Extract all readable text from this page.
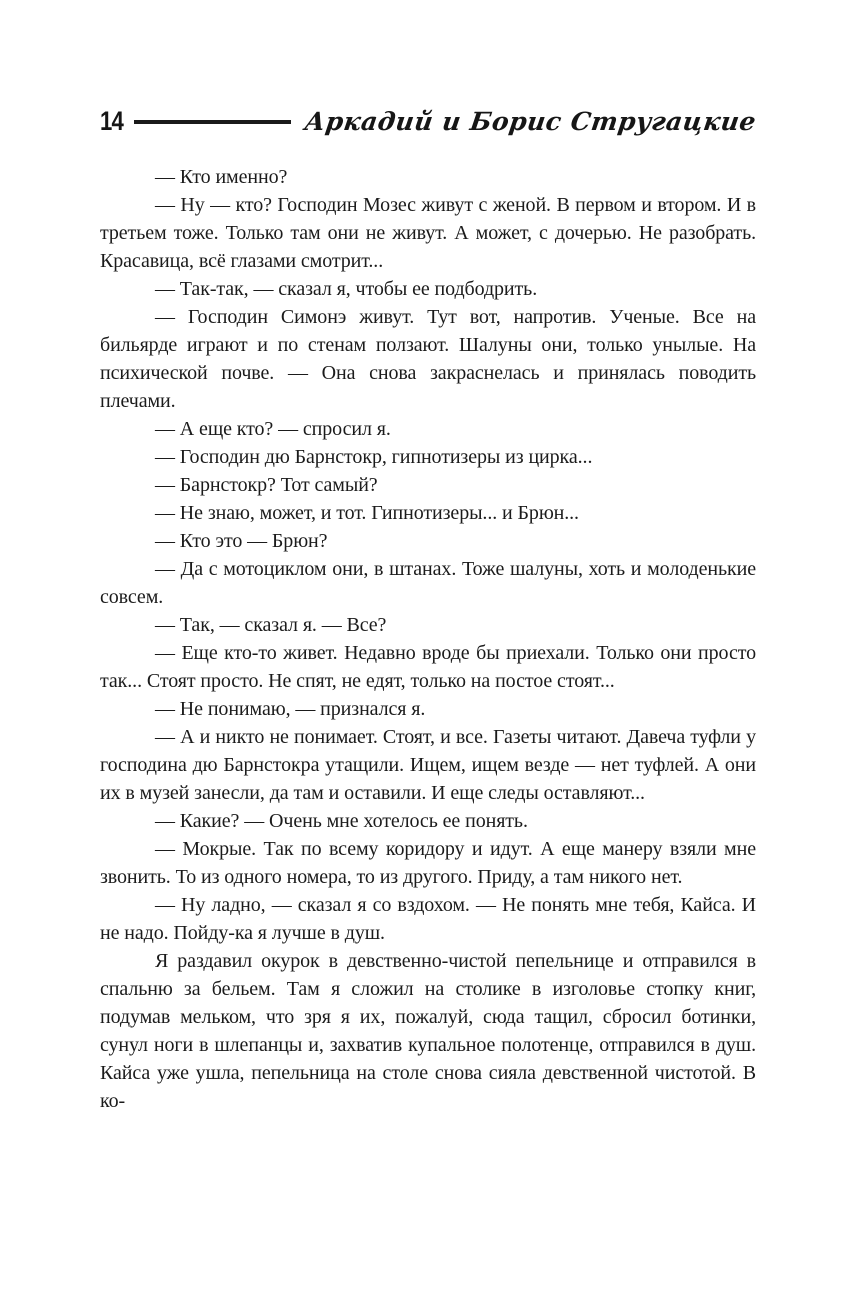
14	Аркадий и Борис Стругацкие

— Кто именно?

— Ну — кто? Господин Мозес живут с женой. В первом и втором. И в третьем тоже. Только там они не живут. А может, с дочерью. Не разобрать. Красавица, всё глазами смотрит...

— Так-так, — сказал я, чтобы ее подбодрить.

— Господин Симонэ живут. Тут вот, напротив. Ученые. Все на бильярде играют и по стенам ползают. Шалуны они, только унылые. На психической почве. — Она снова закраснелась и принялась поводить плечами.

— А еще кто? — спросил я.

— Господин дю Барнстокр, гипнотизеры из цирка...

— Барнстокр? Тот самый?

— Не знаю, может, и тот. Гипнотизеры... и Брюн...

— Кто это — Брюн?

— Да с мотоциклом они, в штанах. Тоже шалуны, хоть и молоденькие совсем.

— Так, — сказал я. — Все?

— Еще кто-то живет. Недавно вроде бы приехали. Только они просто так... Стоят просто. Не спят, не едят, только на постое стоят...

— Не понимаю, — признался я.

— А и никто не понимает. Стоят, и все. Газеты читают. Давеча туфли у господина дю Барнстокра утащили. Ищем, ищем везде — нет туфлей. А они их в музей занесли, да там и оставили. И еще следы оставляют...

— Какие? — Очень мне хотелось ее понять.

— Мокрые. Так по всему коридору и идут. А еще манеру взяли мне звонить. То из одного номера, то из другого. Приду, а там никого нет.

— Ну ладно, — сказал я со вздохом. — Не понять мне тебя, Кайса. И не надо. Пойду-ка я лучше в душ.

Я раздавил окурок в девственно-чистой пепельнице и отправился в спальню за бельем. Там я сложил на столике в изголовье стопку книг, подумав мельком, что зря я их, пожалуй, сюда тащил, сбросил ботинки, сунул ноги в шлепанцы и, захватив купальное полотенце, отправился в душ. Кайса уже ушла, пепельница на столе снова сияла девственной чистотой. В ко-
